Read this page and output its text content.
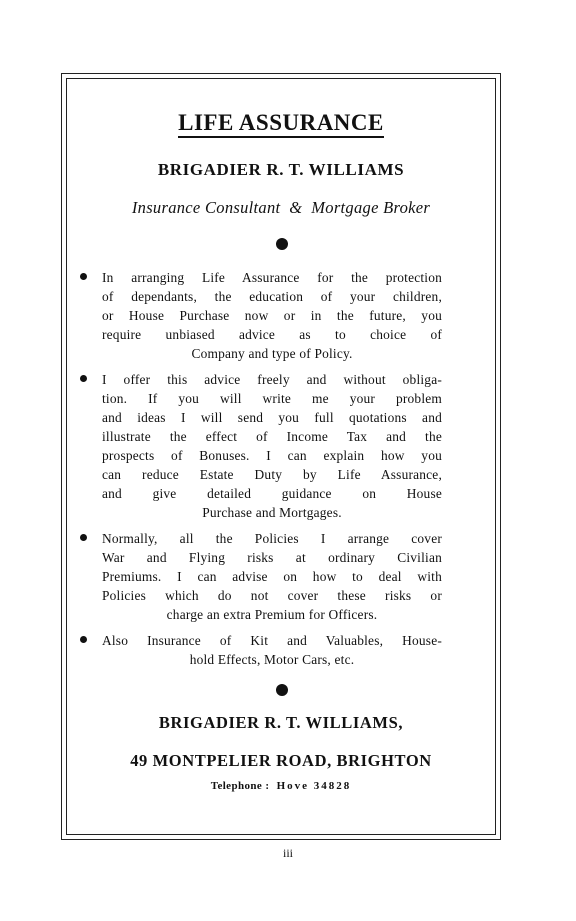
LIFE ASSURANCE
BRIGADIER R. T. WILLIAMS
Insurance Consultant  &  Mortgage Broker

In arranging Life Assurance for the protection
of dependants, the education of your children,
or House Purchase now or in the future, you
require unbiased advice as to choice of
Company and type of Policy.

I offer this advice freely and without obliga-
tion. If you will write me your problem
and ideas I will send you full quotations and
illustrate the effect of Income Tax and the
prospects of Bonuses. I can explain how you
can reduce Estate Duty by Life Assurance,
and give detailed guidance on House
Purchase and Mortgages.

Normally, all the Policies I arrange cover
War and Flying risks at ordinary Civilian
Premiums. I can advise on how to deal with
Policies which do not cover these risks or
charge an extra Premium for Officers.

Also Insurance of Kit and Valuables, House-
hold Effects, Motor Cars, etc.

BRIGADIER R. T. WILLIAMS,
49 MONTPELIER ROAD, BRIGHTON
Telephone : Hove 34828
iii
